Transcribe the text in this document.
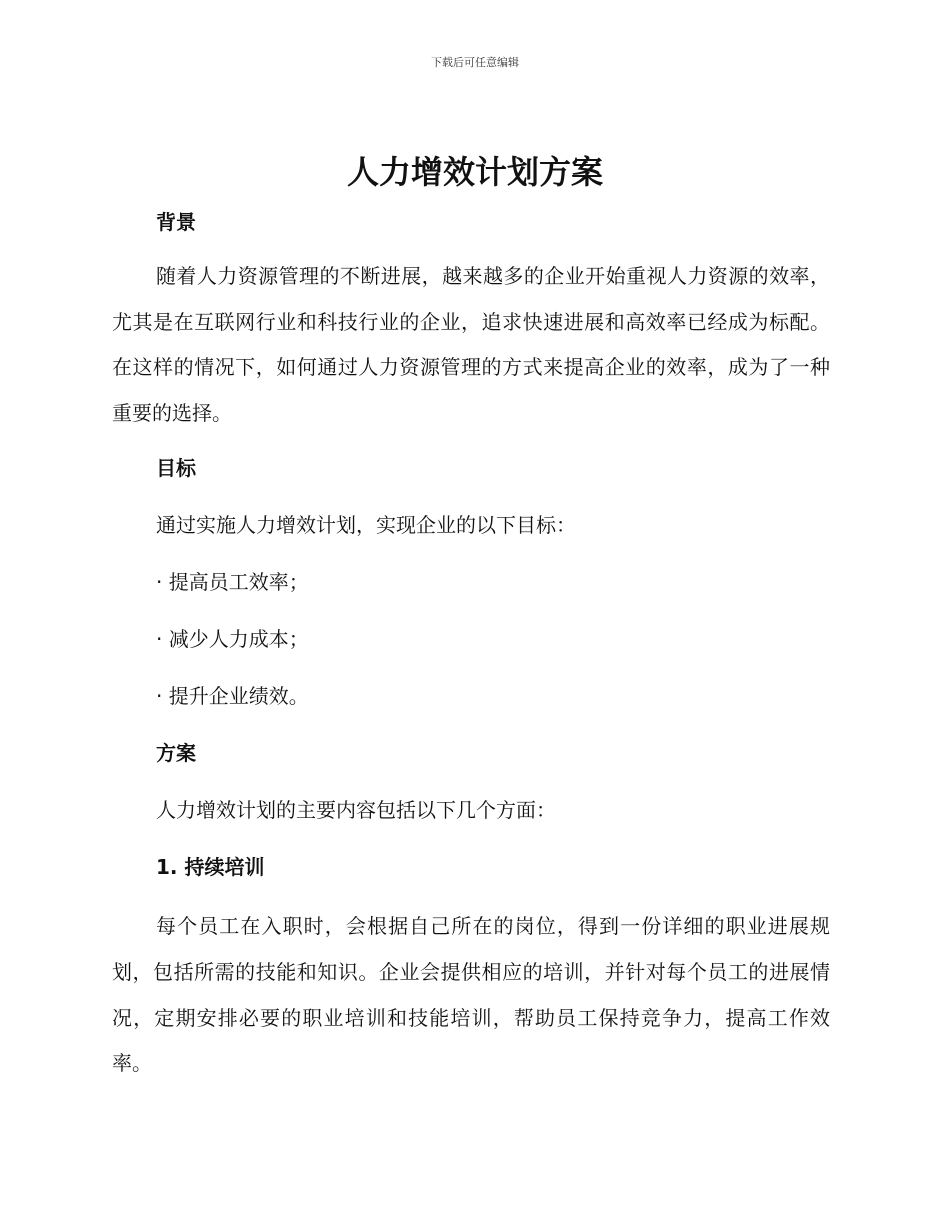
下载后可任意编辑
人力增效计划方案
背景

随着人力资源管理的不断进展，越来越多的企业开始重视人力资源的效率，尤其是在互联网行业和科技行业的企业，追求快速进展和高效率已经成为标配。在这样的情况下，如何通过人力资源管理的方式来提高企业的效率，成为了一种重要的选择。

目标

通过实施人力增效计划，实现企业的以下目标：

· 提高员工效率；

· 减少人力成本；

· 提升企业绩效。

方案

人力增效计划的主要内容包括以下几个方面：

1. 持续培训

每个员工在入职时，会根据自己所在的岗位，得到一份详细的职业进展规划，包括所需的技能和知识。企业会提供相应的培训，并针对每个员工的进展情况，定期安排必要的职业培训和技能培训，帮助员工保持竞争力，提高工作效率。
